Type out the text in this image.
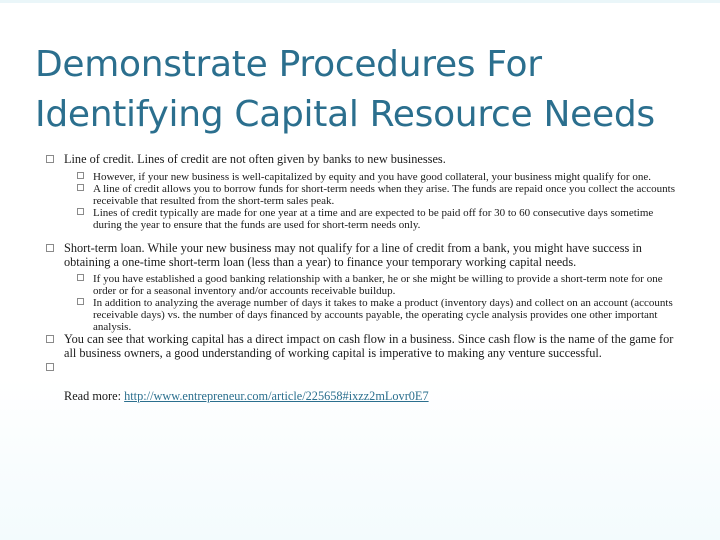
Demonstrate Procedures For Identifying Capital Resource Needs
Line of credit. Lines of credit are not often given by banks to new businesses.
However, if your new business is well-capitalized by equity and you have good collateral, your business might qualify for one.
A line of credit allows you to borrow funds for short-term needs when they arise. The funds are repaid once you collect the accounts receivable that resulted from the short-term sales peak.
Lines of credit typically are made for one year at a time and are expected to be paid off for 30 to 60 consecutive days sometime during the year to ensure that the funds are used for short-term needs only.
Short-term loan. While your new business may not qualify for a line of credit from a bank, you might have success in obtaining a one-time short-term loan (less than a year) to finance your temporary working capital needs.
If you have established a good banking relationship with a banker, he or she might be willing to provide a short-term note for one order or for a seasonal inventory and/or accounts receivable buildup.
In addition to analyzing the average number of days it takes to make a product (inventory days) and collect on an account (accounts receivable days) vs. the number of days financed by accounts payable, the operating cycle analysis provides one other important analysis.
You can see that working capital has a direct impact on cash flow in a business. Since cash flow is the name of the game for all business owners, a good understanding of working capital is imperative to making any venture successful.
Read more: http://www.entrepreneur.com/article/225658#ixzz2mLovr0E7
